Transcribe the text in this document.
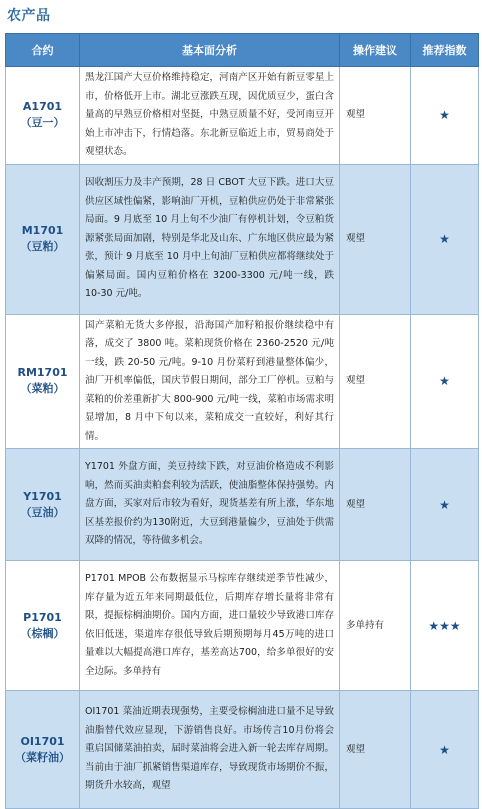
农产品
合约	基本面分析	操作建议	推荐指数

A1701
（豆一）	黑龙江国产大豆价格维持稳定，河南产区开始有新豆零星上市，价格低开上市。湖北豆涨跌互现，因优质豆少，蛋白含量高的早熟豆价格相对坚挺，中熟豆质量不好，受河南豆开始上市冲击下，行情趋落。东北新豆临近上市，贸易商处于观望状态。	观望	★

M1701
（豆粕）	因收割压力及丰产预期，28 日 CBOT 大豆下跌。进口大豆供应区域性偏紧，影响油厂开机，豆粕供应仍处于非常紧张局面。9 月底至 10 月上旬不少油厂有停机计划，令豆粕货源紧张局面加剧，特别是华北及山东、广东地区供应最为紧张，预计 9 月底至 10 月中上旬油厂豆粕供应都将继续处于偏紧局面。国内豆粕价格在 3200-3300 元/吨一线，跌 10-30 元/吨。	观望	★

RM1701
（菜粕）	国产菜粕无货大多停报，沿海国产加籽粕报价继续稳中有落，成交了 3800 吨。菜粕现货价格在 2360-2520 元/吨一线，跌 20-50 元/吨。9-10 月份菜籽到港量整体偏少，油厂开机率偏低，国庆节假日期间，部分工厂停机。豆粕与菜粕的价差重新扩大 800-900 元/吨一线，菜粕市场需求明显增加，8 月中下旬以来，菜粕成交一直较好，利好其行情。	观望	★

Y1701
（豆油）	Y1701 外盘方面，美豆持续下跌，对豆油价格造成不利影响，然而买油卖粕套利较为活跃，使油脂整体保持强势。内盘方面，买家对后市较为看好，现货基差有所上涨，华东地区基差报价约为130附近，大豆到港量偏少，豆油处于供需双降的情况，等待做多机会。	观望	★

P1701
（棕榈）	P1701 MPOB 公布数据显示马棕库存继续逆季节性减少，库存量为近五年来同期最低位，后期库存增长量将非常有限，提振棕榈油期价。国内方面，进口量较少导致港口库存依旧低迷，渠道库存很低导致后期预期每月45万吨的进口量难以大幅提高港口库存，基差高达700，给多单很好的安全边际。多单持有	多单持有	★★★

OI1701
（菜籽油）	OI1701 菜油近期表现强势，主要受棕榈油进口量不足导致油脂替代效应显现，下游销售良好。市场传言10月份将会重启国储菜油拍卖，届时菜油将会进入新一轮去库存周期。当前由于油厂抓紧销售渠道库存，导致现货市场期价不振，期货升水较高，观望	观望	★
